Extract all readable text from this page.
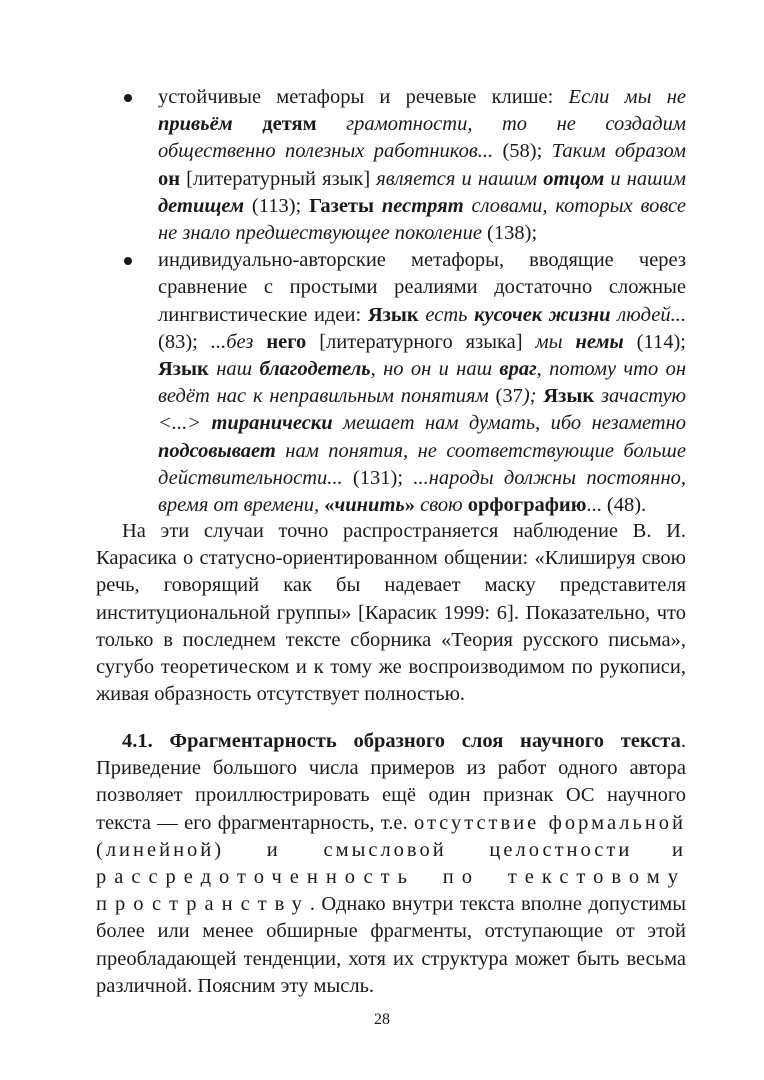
устойчивые метафоры и речевые клише: Если мы не привьём детям грамотности, то не создадим общественно полезных работников... (58); Таким образом он [литературный язык] является и нашим отцом и нашим детищем (113); Газеты пестрят словами, которых вовсе не знало предшествующее поколение (138);
индивидуально-авторские метафоры, вводящие через сравнение с простыми реалиями достаточно сложные лингвистические идеи: Язык есть кусочек жизни людей... (83); ...без него [литературного языка] мы немы (114); Язык наш благодетель, но он и наш враг, потому что он ведёт нас к неправильным понятиям (37); Язык зачастую <...> тиранически мешает нам думать, ибо незаметно подсовывает нам понятия, не соответствующие больше действительности... (131); ...народы должны постоянно, время от времени, «чинить» свою орфографию... (48).

На эти случаи точно распространяется наблюдение В. И. Карасика о статусно-ориентированном общении: «Клишируя свою речь, говорящий как бы надевает маску представителя институциональной группы» [Карасик 1999: 6]. Показательно, что только в последнем тексте сборника «Теория русского письма», сугубо теоретическом и к тому же воспроизводимом по рукописи, живая образность отсутствует полностью.

4.1. Фрагментарность образного слоя научного текста. Приведение большого числа примеров из работ одного автора позволяет проиллюстрировать ещё один признак ОС научного текста — его фрагментарность, т.е. отсутствие формальной (линейной) и смысловой целостности и рассредоточенность по текстовому пространству. Однако внутри текста вполне допустимы более или менее обширные фрагменты, отступающие от этой преобладающей тенденции, хотя их структура может быть весьма различной. Поясним эту мысль.

28
